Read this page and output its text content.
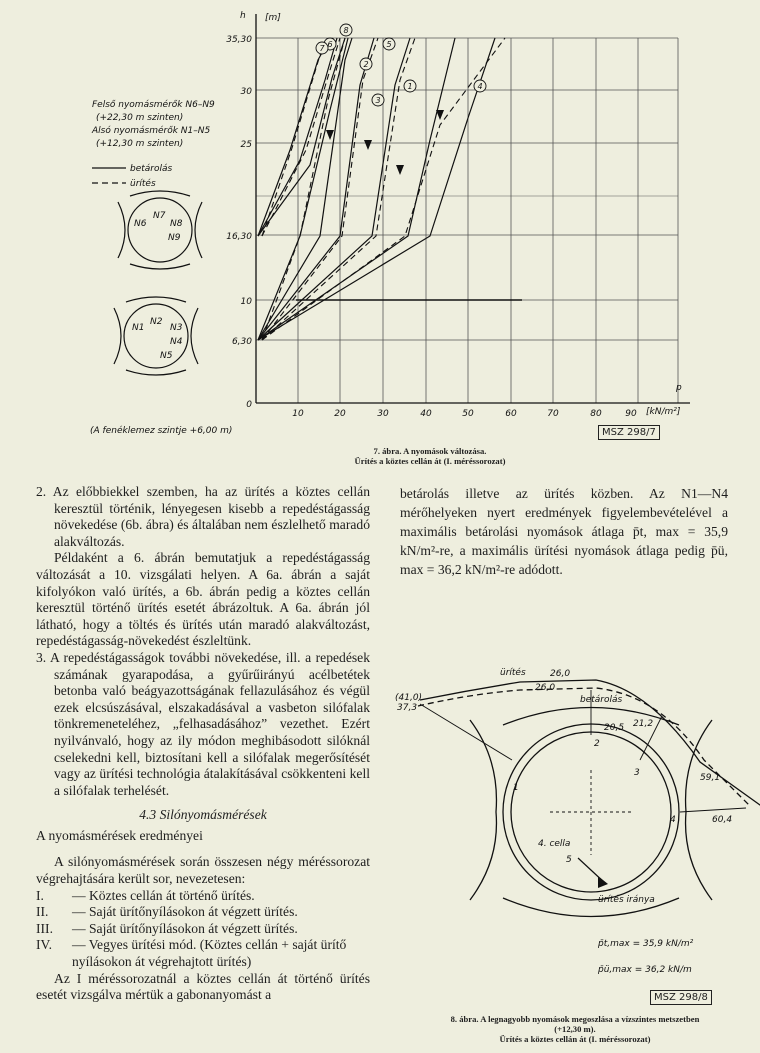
1
2
3
4
5
6
7
8
h [m]
p
[kN/m²]
35,30
30
25
16,30
10
6,30
0
10	20	30	40	50	60	70	80	90
Felső nyomásmérők N6–N9
(+22,30 m szinten)
Alsó nyomásmérők N1–N5
(+12,30 m szinten)
betárolás
ürítés
(A fenéklemez szintje +6,00 m)
N6
N7
N8
N9
N1
N2
N3
N4
N5
MSZ 298/7
7. ábra. A nyomások változása.
Ürítés a köztes cellán át (I. méréssorozat)

2. Az előbbiekkel szemben, ha az ürítés a köztes cellán keresztül történik, lényegesen kisebb a repedéstágasság növekedése (6b. ábra) és általában nem észlelhető maradó alakváltozás.

Példaként a 6. ábrán bemutatjuk a repedéstágasság változását a 10. vizsgálati helyen. A 6a. ábrán a saját kifolyókon való ürítés, a 6b. ábrán pedig a köztes cellán keresztül történő ürítés esetét ábrázoltuk. A 6a. ábrán jól látható, hogy a töltés és ürítés után maradó alakváltozást, repedéstágasság-növekedést észleltünk.

3. A repedéstágasságok további növekedése, ill. a repedések számának gyarapodása, a gyűrűirányú acélbetétek betonba való beágyazottságának fellazulásához és végül ezek elcsúszásával, elszakadásával a vasbeton silófalak tönkremeneteléhez, „felhasadásához” vezethet. Ezért nyilvánvaló, hogy az ily módon meghibásodott silóknál cselekedni kell, biztosítani kell a silófalak megerősítését vagy az ürítési technológia átalakításával csökkenteni kell a silófalak terhelését.

4.3 Silónyomásmérések

A nyomásmérések eredményei

A silónyomásmérések során összesen négy méréssorozat végrehajtására került sor, nevezetesen:

I.	— Köztes cellán át történő ürítés.
II.	— Saját ürítőnyílásokon át végzett ürítés.
III.	— Saját ürítőnyílásokon át végzett ürítés.
IV.	— Vegyes ürítési mód. (Köztes cellán + saját ürítő nyílásokon át végrehajtott ürítés)

Az I méréssorozatnál a köztes cellán át történő ürítés esetét vizsgálva mértük a gabonanyomást a

betárolás illetve az ürítés közben. Az N1—N4 mérőhelyeken nyert eredmények figyelembevételével a maximális betárolási nyomások átlaga p̄t, max = 35,9 kN/m²-re, a maximális ürítési nyomások átlaga pedig p̄ü, max = 36,2 kN/m²-re adódott.

ürítés
betárolás
26,0
26,0
21,2
20,5
59,1
60,4
(41,0)
37,3
1
2
3
4
5
4. cella
ürítés iránya
p̄t,max = 35,9 kN/m²
p̄ü,max = 36,2 kN/m
MSZ 298/8
8. ábra. A legnagyobb nyomások megoszlása a vízszintes metszetben
(+12,30 m).
Ürítés a köztes cellán át (I. méréssorozat)
